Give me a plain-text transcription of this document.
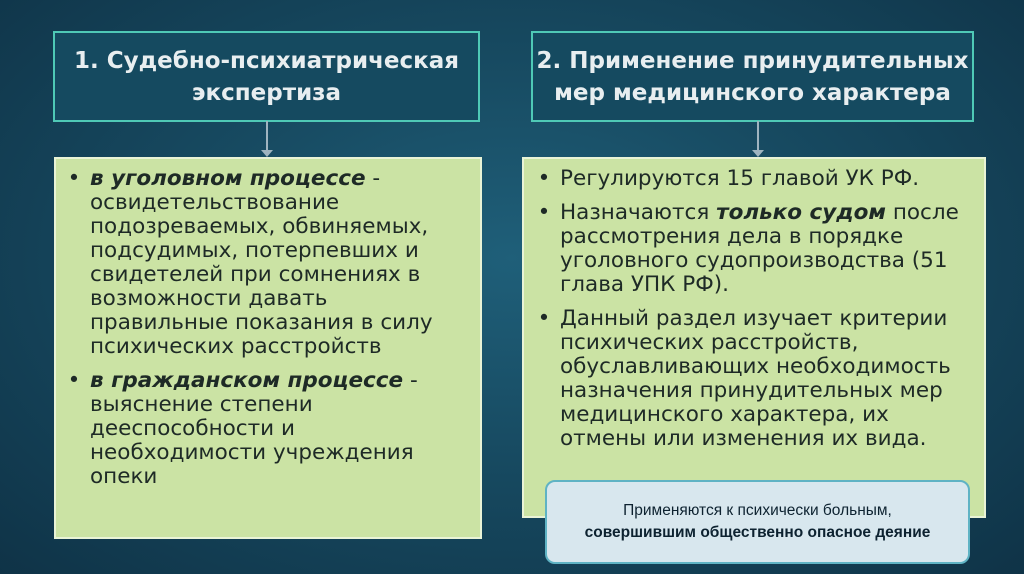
1. Судебно-психиатрическая
экспертиза
2. Применение принудительных
мер медицинского характера
• в уголовном процессе - освидетельствование подозреваемых, обвиняемых, подсудимых, потерпевших и свидетелей при сомнениях в возможности давать правильные показания в силу психических расстройств
• в гражданском процессе - выяснение степени дееспособности и необходимости учреждения опеки
• Регулируются 15 главой УК РФ.
• Назначаются только судом после рассмотрения дела в порядке уголовного судопроизводства (51 глава УПК РФ).
• Данный раздел изучает критерии психических расстройств, обуславливающих необходимость назначения принудительных мер медицинского характера, их отмены или изменения их вида.
Применяются к психически больным,
совершившим общественно опасное деяние
